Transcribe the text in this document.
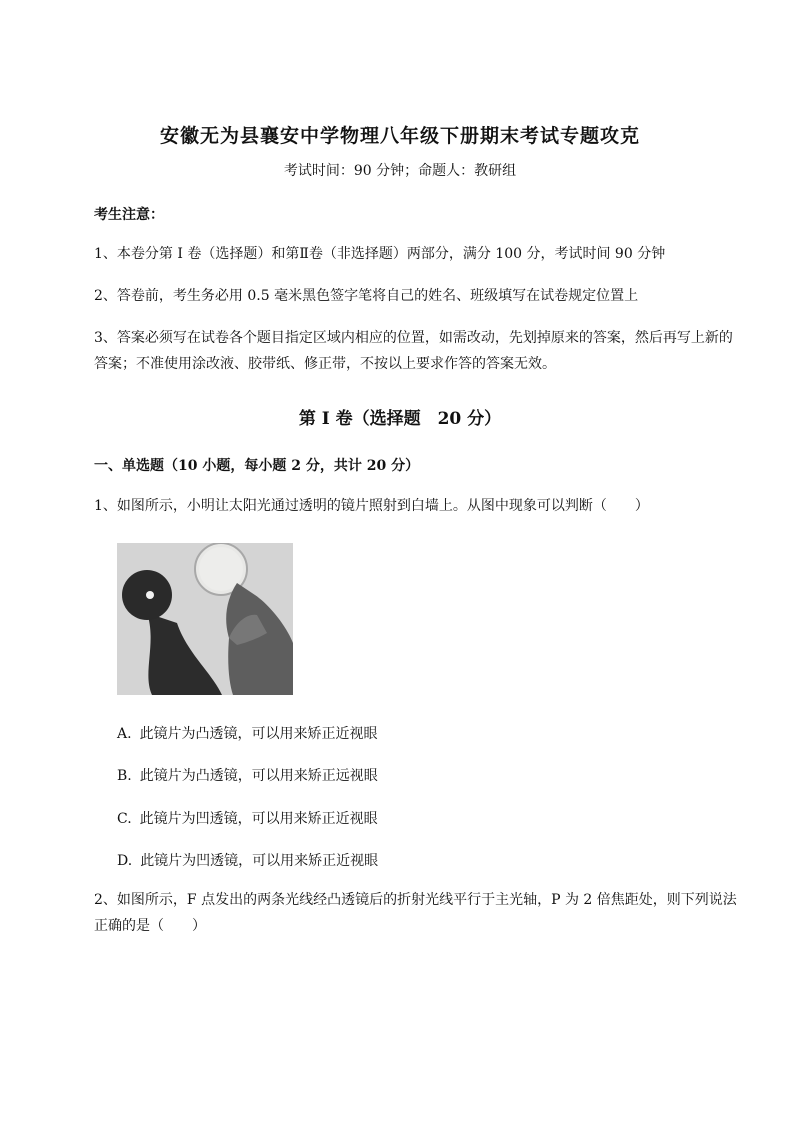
安徽无为县襄安中学物理八年级下册期末考试专题攻克
考试时间：90 分钟；命题人：教研组
考生注意：
1、本卷分第 I 卷（选择题）和第Ⅱ卷（非选择题）两部分，满分 100 分，考试时间 90 分钟
2、答卷前，考生务必用 0.5 毫米黑色签字笔将自己的姓名、班级填写在试卷规定位置上
3、答案必须写在试卷各个题目指定区域内相应的位置，如需改动，先划掉原来的答案，然后再写上新的答案；不准使用涂改液、胶带纸、修正带，不按以上要求作答的答案无效。
第 I 卷（选择题　20 分）
一、单选题（10 小题，每小题 2 分，共计 20 分）
1、如图所示，小明让太阳光通过透明的镜片照射到白墙上。从图中现象可以判断（　　）
A. 此镜片为凸透镜，可以用来矫正近视眼
B. 此镜片为凸透镜，可以用来矫正远视眼
C. 此镜片为凹透镜，可以用来矫正近视眼
D. 此镜片为凹透镜，可以用来矫正近视眼
2、如图所示，F 点发出的两条光线经凸透镜后的折射光线平行于主光轴，P 为 2 倍焦距处，则下列说法正确的是（　　）
